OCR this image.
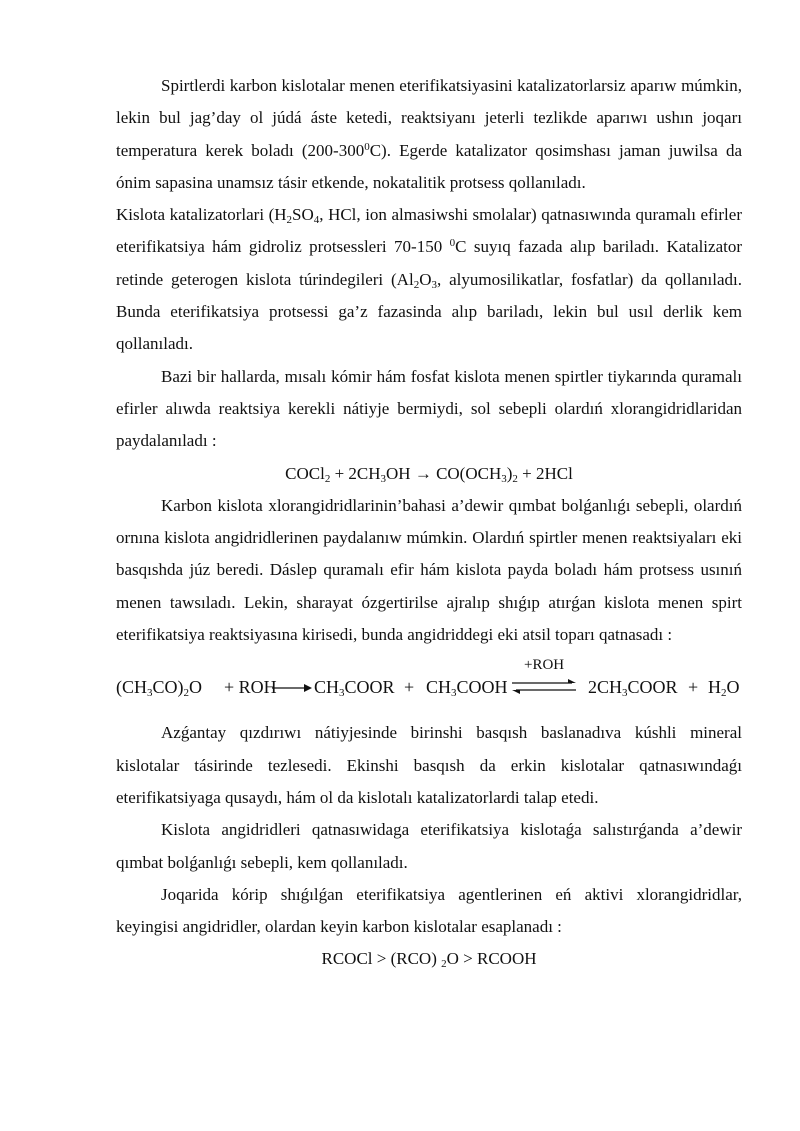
Spirtlerdi karbon kislotalar menen eterifikatsiyasini katalizatorlarsiz aparıw múmkin, lekin bul jag’day ol júdá áste ketedi, reaktsiyanı jeterli tezlikde aparıwı ushın joqarı temperatura kerek boladı $(200-300^0C)$. Egerde katalizator qosimshası jaman juwilsa da ónim sapasina unamsız tásir etkende, nokatalitik protsess qollanıladı.

Kislota katalizatorlari ($H_2SO_4$, HCl, ion almasiwshi smolalar) qatnasıwında quramalı efirler eterifikatsiya hám gidroliz protsessleri 70-150 $^0$C suyıq fazada alıp bariladı. Katalizator retinde geterogen kislota túrindegileri ($Al_2O_3$, alyumosilikatlar, fosfatlar) da qollanıladı. Bunda eterifikatsiya protsessi ga’z fazasinda alıp bariladı, lekin bul usıl derlik kem qollanıladı.

Bazi bir hallarda, mısalı kómir hám fosfat kislota menen spirtler tiykarında quramalı efirler alıwda reaktsiya kerekli nátiyje bermiydi, sol sebepli olardıń xlorangidridlaridan paydalanıladı :

COCl$_2$ + $2CH_3OH \to CO(OCH_3)_2 + 2HCl$

Karbon kislota xlorangidridlarinin’bahasi a’dewir qımbat bolǵanlıǵı sebepli, olardıń ornına kislota angidridlerinen paydalanıw múmkin. Olardıń spirtler menen reaktsiyaları eki basqıshda júz beredi. Dáslep quramalı efir hám kislota payda boladı hám protsess usınıń menen tawsıladı. Lekin, sharayat ózgertirilse ajralıp shıǵıp atırǵan kislota menen spirt eterifikatsiya reaktsiyasına kirisedi, bunda angidriddegi eki atsil toparı qatnasadı :

$(CH_3CO)_2O$ + ROH $CH_3COOR$ + $CH_3COOH$
+ROH
⇌ $2CH_3COOR + H_2O$

Azǵantay qızdırıwı nátiyjesinde birinshi basqısh baslanadıva kúshli mineral kislotalar tásirinde tezlesedi. Ekinshi basqısh da erkin kislotalar qatnasıwındaǵı eterifikatsiyaga qusaydı, hám ol da kislotalı katalizatorlardi talap etedi.

Kislota angidridleri qatnasıwidaga eterifikatsiya kislotaǵa salıstırǵanda a’dewir qımbat bolǵanlıǵı sebepli, kem qollanıladı.

Joqarida kórip shıǵılǵan eterifikatsiya agentlerinen eń aktivi xlorangidridlar, keyingisi angidridler, olardan keyin karbon kislotalar esaplanadı :

RCOCl > (RCO) $_2$O > RCOOH
